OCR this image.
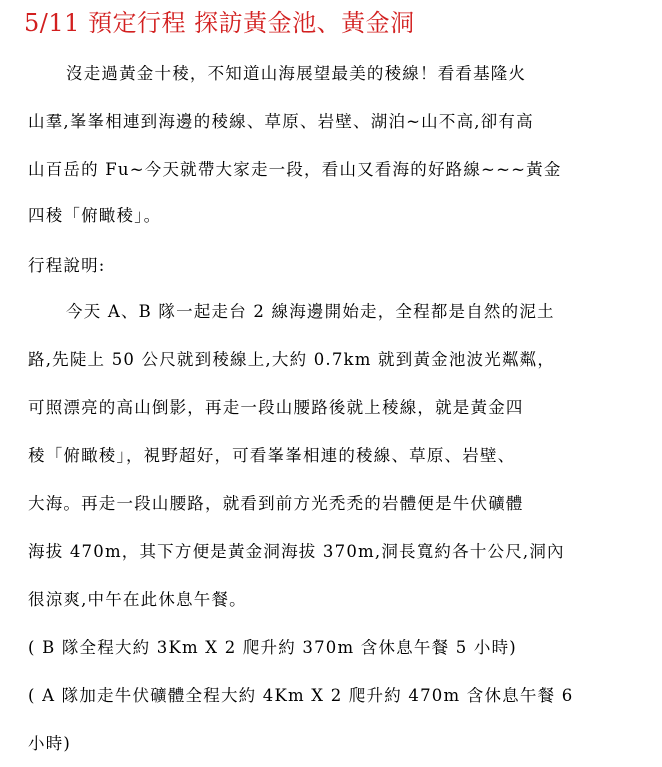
5/11 預定行程 探訪黃金池、黃金洞
沒走過黃金十稜，不知道山海展望最美的稜線！看看基隆火
山羣,峯峯相連到海邊的稜線、草原、岩壁、湖泊~山不高,卻有高
山百岳的 Fu~今天就帶大家走一段，看山又看海的好路線~~~黃金
四稜「俯瞰稜」。
行程說明:
今天 A、B 隊一起走台 2 線海邊開始走，全程都是自然的泥土
路,先陡上 50 公尺就到稜線上,大約 0.7km 就到黃金池波光粼粼，
可照漂亮的高山倒影，再走一段山腰路後就上稜線，就是黃金四
稜「俯瞰稜」，視野超好，可看峯峯相連的稜線、草原、岩壁、
大海。再走一段山腰路，就看到前方光禿禿的岩體便是牛伏礦體
海拔 470m，其下方便是黃金洞海拔 370m,洞長寬約各十公尺,洞內
很涼爽,中午在此休息午餐。
( B 隊全程大約 3Km X 2 爬升約 370m 含休息午餐 5 小時)
( A 隊加走牛伏礦體全程大約 4Km X 2 爬升約 470m 含休息午餐 6
小時)
